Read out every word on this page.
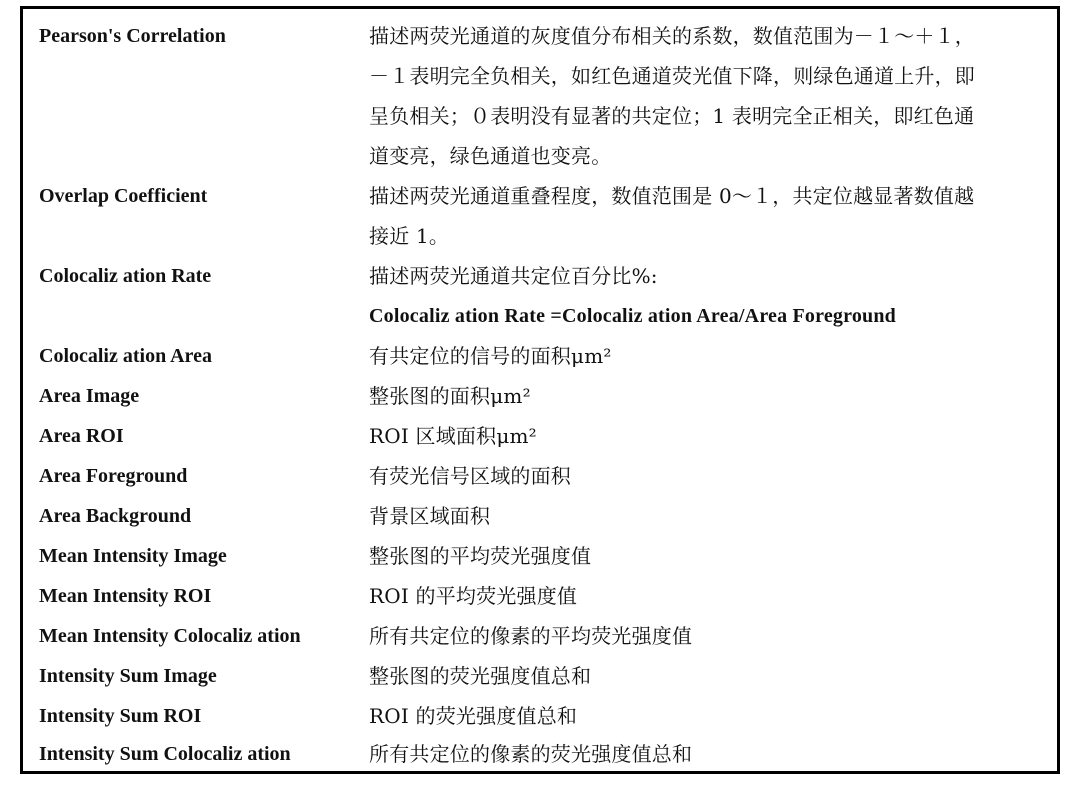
Pearson's Correlation	描述两荧光通道的灰度值分布相关的系数，数值范围为－１～＋１，
－１表明完全负相关，如红色通道荧光值下降，则绿色通道上升，即
呈负相关；０表明没有显著的共定位；1 表明完全正相关，即红色通
道变亮，绿色通道也变亮。
Overlap Coefficient	描述两荧光通道重叠程度，数值范围是 0～１，共定位越显著数值越
接近 1。
Colocaliz ation Rate	描述两荧光通道共定位百分比%:
Colocaliz ation Rate =Colocaliz ation Area/Area Foreground
Colocaliz ation Area	有共定位的信号的面积μm²
Area Image	整张图的面积μm²
Area ROI	ROI 区域面积μm²
Area Foreground	有荧光信号区域的面积
Area Background	背景区域面积
Mean Intensity Image	整张图的平均荧光强度值
Mean Intensity ROI	ROI 的平均荧光强度值
Mean Intensity Colocaliz ation	所有共定位的像素的平均荧光强度值
Intensity Sum Image	整张图的荧光强度值总和
Intensity Sum ROI	ROI 的荧光强度值总和
Intensity Sum Colocaliz ation	所有共定位的像素的荧光强度值总和
